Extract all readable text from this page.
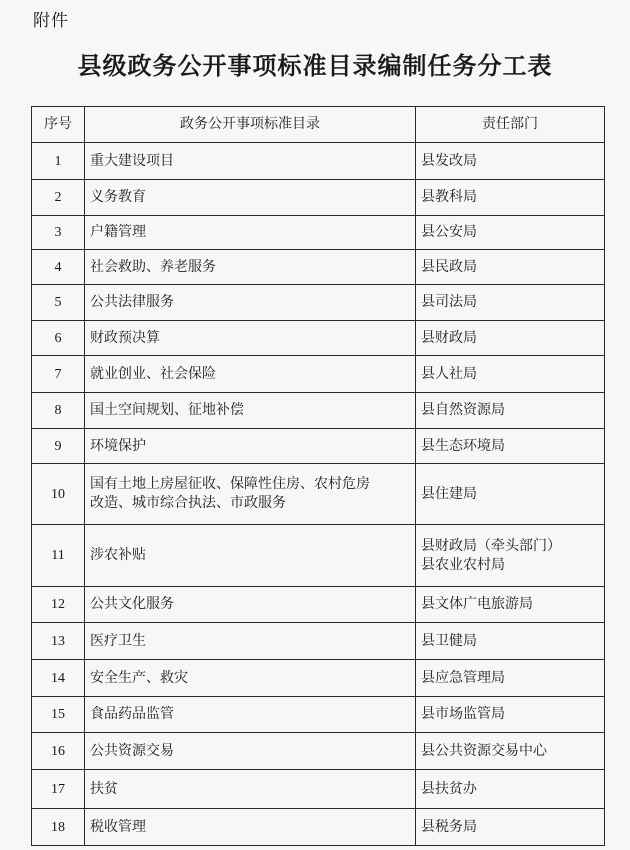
附件
县级政务公开事项标准目录编制任务分工表
序号	政务公开事项标准目录	责任部门
1	重大建设项目	县发改局

2	义务教育	县教科局

3	户籍管理	县公安局

4	社会救助、养老服务	县民政局

5	公共法律服务	县司法局

6	财政预决算	县财政局

7	就业创业、社会保险	县人社局

8	国土空间规划、征地补偿	县自然资源局

9	环境保护	县生态环境局

10	国有土地上房屋征收、保障性住房、农村危房
改造、城市综合执法、市政服务	县住建局

11	涉农补贴	县财政局（牵头部门）
县农业农村局

12	公共文化服务	县文体广电旅游局

13	医疗卫生	县卫健局

14	安全生产、救灾	县应急管理局

15	食品药品监管	县市场监管局

16	公共资源交易	县公共资源交易中心

17	扶贫	县扶贫办

18	税收管理	县税务局
